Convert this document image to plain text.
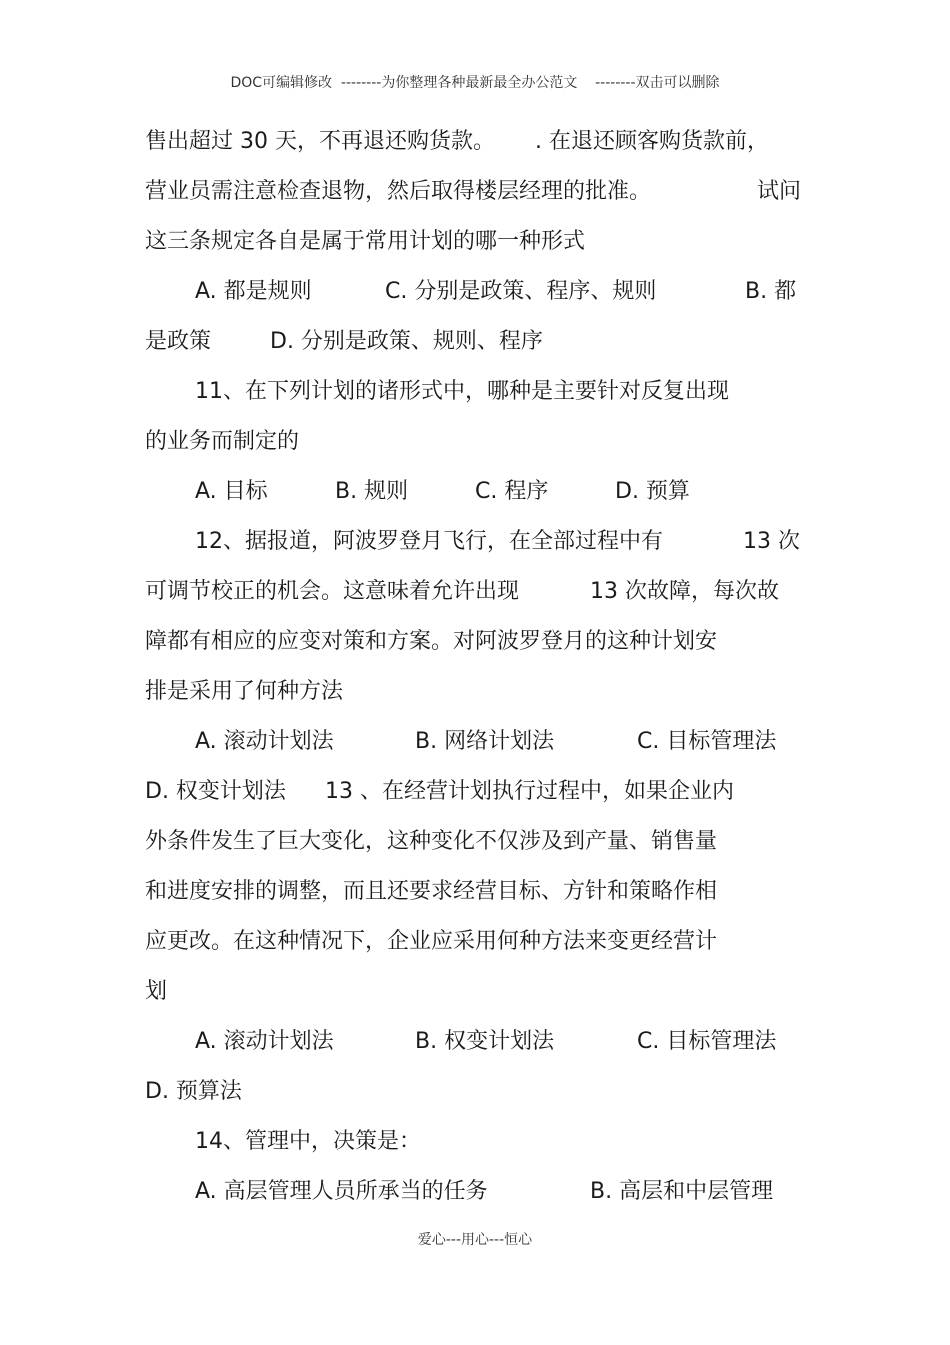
DOC可编辑修改  --------为你整理各种最新最全办公范文    --------双击可以删除
售出超过 30 天，不再退还购货款。 . 在退还顾客购货款前，
营业员需注意检查退物，然后取得楼层经理的批准。	试问
这三条规定各自是属于常用计划的哪一种形式
A. 都是规则	C. 分别是政策、程序、规则	B. 都
是政策	D. 分别是政策、规则、程序
11、在下列计划的诸形式中，哪种是主要针对反复出现
的业务而制定的
A. 目标	B. 规则	C. 程序	D. 预算
12、据报道，阿波罗登月飞行，在全部过程中有	13 次
可调节校正的机会。这意味着允许出现	13 次故障，每次故
障都有相应的应变对策和方案。对阿波罗登月的这种计划安
排是采用了何种方法
A. 滚动计划法	B. 网络计划法	C. 目标管理法
D. 权变计划法 13 、在经营计划执行过程中，如果企业内
外条件发生了巨大变化，这种变化不仅涉及到产量、销售量
和进度安排的调整，而且还要求经营目标、方针和策略作相
应更改。在这种情况下，企业应采用何种方法来变更经营计
划
A. 滚动计划法	B. 权变计划法	C. 目标管理法
D. 预算法
14、管理中，决策是：
A. 高层管理人员所承当的任务	B. 高层和中层管理
爱心---用心---恒心
